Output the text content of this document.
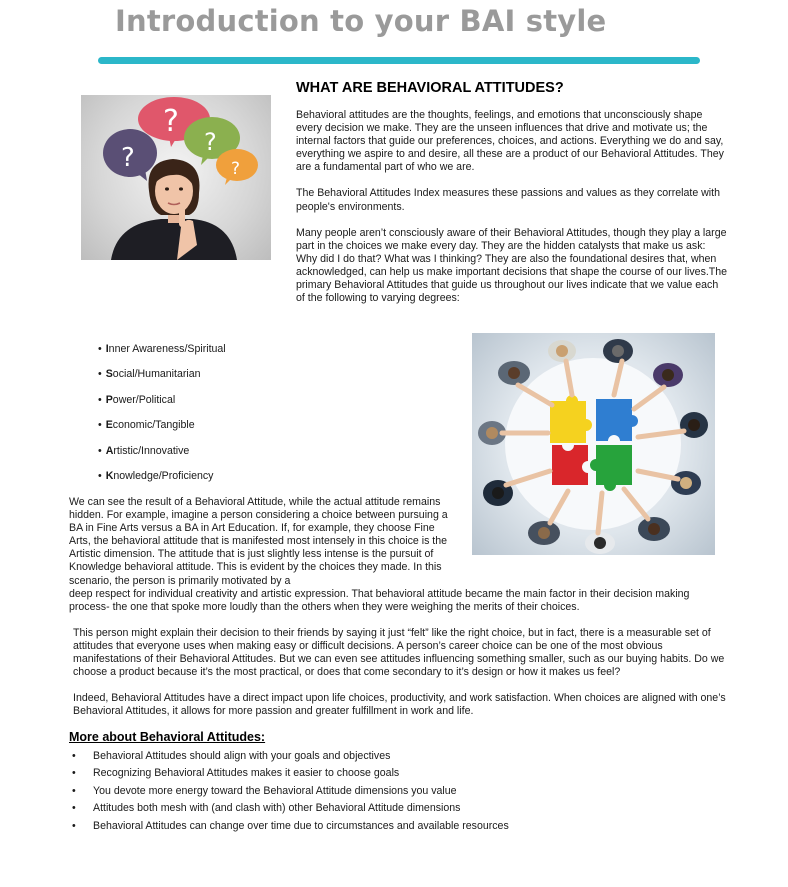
Introduction to your BAI style
WHAT ARE BEHAVIORAL ATTITUDES?
?
?
?
?

Behavioral attitudes are the thoughts, feelings, and emotions that unconsciously shape every decision we make. They are the unseen influences that drive and motivate us; the internal factors that guide our preferences, choices, and actions. Everything we do and say, everything we aspire to and desire, all these are a product of our Behavioral Attitudes. They are a fundamental part of who we are.

The Behavioral Attitudes Index measures these passions and values as they correlate with people's environments.

Many people aren’t consciously aware of their Behavioral Attitudes, though they play a large part in the choices we make every day. They are the hidden catalysts that make us ask: Why did I do that? What was I thinking? They are also the foundational desires that, when acknowledged, can help us make important decisions that shape the course of our lives.The primary Behavioral Attitudes that guide us throughout our lives indicate that we value each of the following to varying degrees:

• Inner Awareness/Spiritual
• Social/Humanitarian
• Power/Political
• Economic/Tangible
• Artistic/Innovative
• Knowledge/Proficiency

We can see the result of a Behavioral Attitude, while the actual attitude remains hidden. For example, imagine a person considering a choice between pursuing a BA in Fine Arts versus a BA in Art Education. If, for example, they choose Fine Arts, the behavioral attitude that is manifested most intensely in this choice is the Artistic dimension. The attitude that is just slightly less intense is the pursuit of Knowledge behavioral attitude. This is evident by the choices they made. In this scenario, the person is primarily motivated by a

deep respect for individual creativity and artistic expression. That behavioral attitude became the main factor in their decision making process- the one that spoke more loudly than the others when they were weighing the merits of their choices.

This person might explain their decision to their friends by saying it just “felt” like the right choice, but in fact, there is a measurable set of attitudes that everyone uses when making easy or difficult decisions. A person’s career choice can be one of the most obvious manifestations of their Behavioral Attitudes. But we can even see attitudes influencing something smaller, such as our buying habits. Do we choose a product because it’s the most practical, or does that come secondary to it’s design or how it makes us feel?

Indeed, Behavioral Attitudes have a direct impact upon life choices, productivity, and work satisfaction. When choices are aligned with one’s Behavioral Attitudes, it allows for more passion and greater fulfillment in work and life.

More about Behavioral Attitudes:
• Behavioral Attitudes should align with your goals and objectives
• Recognizing Behavioral Attitudes makes it easier to choose goals
• You devote more energy toward the Behavioral Attitude dimensions you value
• Attitudes both mesh with (and clash with) other Behavioral Attitude dimensions
• Behavioral Attitudes can change over time due to circumstances and available resources
